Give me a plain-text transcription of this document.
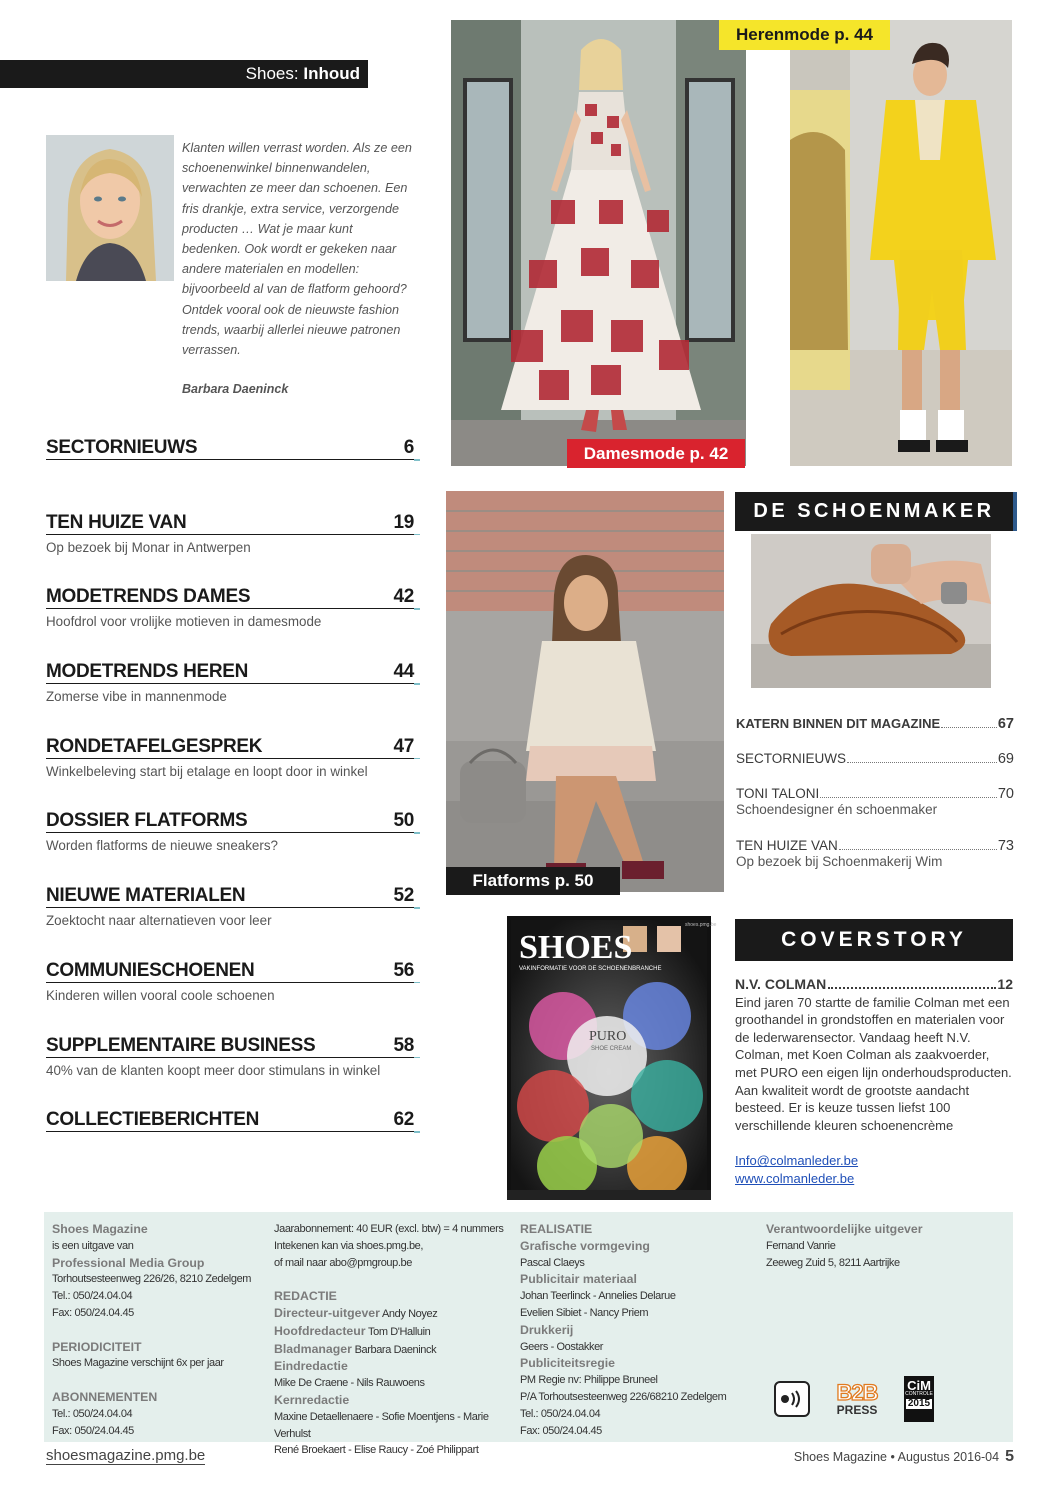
Shoes: Inhoud
Klanten willen verrast worden. Als ze een schoenenwinkel binnenwandelen, verwachten ze meer dan schoenen. Een fris drankje, extra service, verzorgende producten … Wat je maar kunt bedenken. Ook wordt er gekeken naar andere materialen en modellen: bijvoorbeeld al van de flatform gehoord? Ontdek vooral ook de nieuwste fashion trends, waarbij allerlei nieuwe patronen verrassen.
Barbara Daeninck
SECTORNIEUWS	6
TEN HUIZE VAN	19
Op bezoek bij Monar in Antwerpen
MODETRENDS DAMES	42
Hoofdrol voor vrolijke motieven in damesmode
MODETRENDS HEREN	44
Zomerse vibe in mannenmode
RONDETAFELGESPREK	47
Winkelbeleving start bij etalage en loopt door in winkel
DOSSIER FLATFORMS	50
Worden flatforms de nieuwe sneakers?
NIEUWE MATERIALEN	52
Zoektocht naar alternatieven voor leer
COMMUNIESCHOENEN	56
Kinderen willen vooral coole schoenen
SUPPLEMENTAIRE BUSINESS	58
40% van de klanten koopt meer door stimulans in winkel
COLLECTIEBERICHTEN	62
Herenmode p. 44
Damesmode p. 42
Flatforms p. 50
DE SCHOENMAKER
KATERN BINNEN DIT MAGAZINE	67
SECTORNIEUWS	69
TONI TALONI	70
Schoendesigner én schoenmaker
TEN HUIZE VAN	73
Op bezoek bij Schoenmakerij Wim
SHOES
VAKINFORMATIE VOOR DE SCHOENENBRANCHE
shoes.pmg.be
PURO
SHOE CREAM
COVERSTORY
N.V. COLMAN	12
Eind jaren 70 startte de familie Colman met een groothandel in grondstoffen en materialen voor de lederwarensector. Vandaag heeft N.V. Colman, met Koen Colman als zaakvoerder, met PURO een eigen lijn onderhoudsproducten. Aan kwaliteit wordt de grootste aandacht besteed. Er is keuze tussen liefst 100 verschillende kleuren schoenencrème
Info@colmanleder.be
www.colmanleder.be
Shoes Magazine
is een uitgave van
Professional Media Group
Torhoutsesteenweg 226/26, 8210 Zedelgem
Tel.: 050/24.04.04
Fax: 050/24.04.45
PERIODICITEIT
Shoes Magazine verschijnt 6x per jaar
ABONNEMENTEN
Tel.: 050/24.04.04
Fax: 050/24.04.45
Jaarabonnement: 40 EUR (excl. btw) = 4 nummers
Intekenen kan via shoes.pmg.be,
of mail naar abo@pmgroup.be
REDACTIE
Directeur-uitgever Andy Noyez
Hoofdredacteur Tom D'Halluin
Bladmanager Barbara Daeninck
Eindredactie
Mike De Craene - Nils Rauwoens
Kernredactie
Maxine Detaellenaere - Sofie Moentjens - Marie Verhulst
René Broekaert - Elise Raucy - Zoé Philippart
REALISATIE
Grafische vormgeving
Pascal Claeys
Publicitair materiaal
Johan Teerlinck - Annelies Delarue
Evelien Sibiet - Nancy Priem
Drukkerij
Geers - Oostakker
Publiciteitsregie
PM Regie nv: Philippe Bruneel
P/A Torhoutsesteenweg 226/68210 Zedelgem
Tel.: 050/24.04.04
Fax: 050/24.04.45
Verantwoordelijke uitgever
Fernand Vanrie
Zeeweg Zuid 5, 8211 Aartrijke
B2B
PRESS
CiM
CONTROLE
2015
shoesmagazine.pmg.be	Shoes Magazine • Augustus 2016-04 5
